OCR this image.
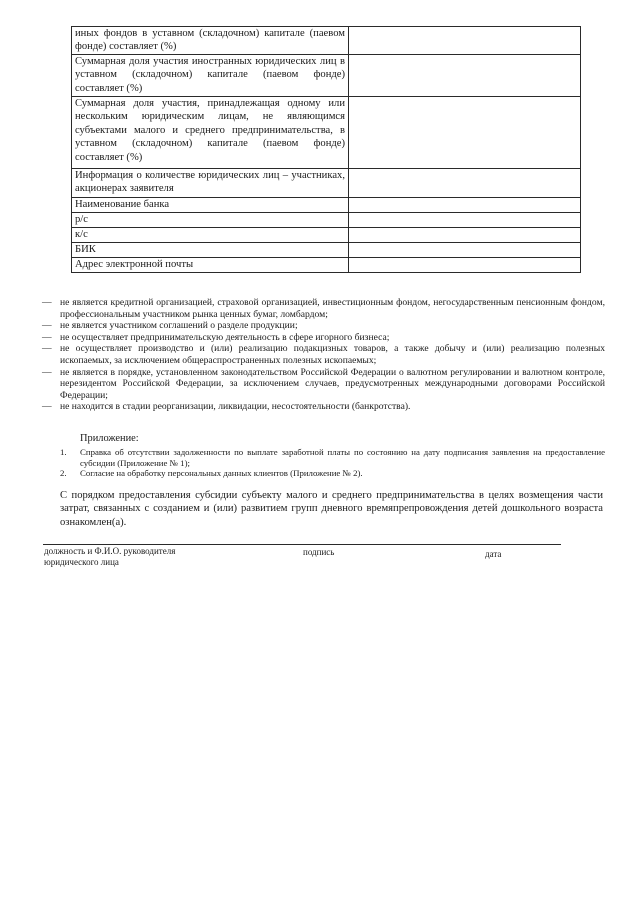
иных фондов в уставном (складочном) капитале (паевом фонде) составляет (%)	
Суммарная доля участия иностранных юридических лиц в уставном (складочном) капитале (паевом фонде) составляет (%)	
Суммарная доля участия, принадлежащая одному или нескольким юридическим лицам, не являющимся субъектами малого и среднего предпринимательства, в уставном (складочном) капитале (паевом фонде) составляет (%)	
Информация о количестве юридических лиц – участниках, акционерах заявителя	
Наименование банка	
р/с	
к/с	
БИК	
Адрес электронной почты	
— не является кредитной организацией, страховой организацией, инвестиционным фондом, негосударственным пенсионным фондом, профессиональным участником рынка ценных бумаг, ломбардом;
— не является участником соглашений о разделе продукции;
— не осуществляет предпринимательскую деятельность в сфере игорного бизнеса;
— не осуществляет производство и (или) реализацию подакцизных товаров, а также добычу и (или) реализацию полезных ископаемых, за исключением общераспространенных полезных ископаемых;
— не является в порядке, установленном законодательством Российской Федерации о валютном регулировании и валютном контроле, нерезидентом Российской Федерации, за исключением случаев, предусмотренных международными договорами Российской Федерации;
— не находится в стадии реорганизации, ликвидации, несостоятельности (банкротства).
Приложение:
1.	Справка об отсутствии задолженности по выплате заработной платы по состоянию на дату подписания заявления на предоставление субсидии (Приложение № 1);
2.	Согласие на обработку персональных данных клиентов (Приложение № 2).
С порядком предоставления субсидии субъекту малого и среднего предпринимательства в целях возмещения части затрат, связанных с созданием и (или) развитием групп дневного времяпрепровождения детей дошкольного возраста ознакомлен(а).
должность и Ф.И.О. руководителя юридического лица
подпись	дата
